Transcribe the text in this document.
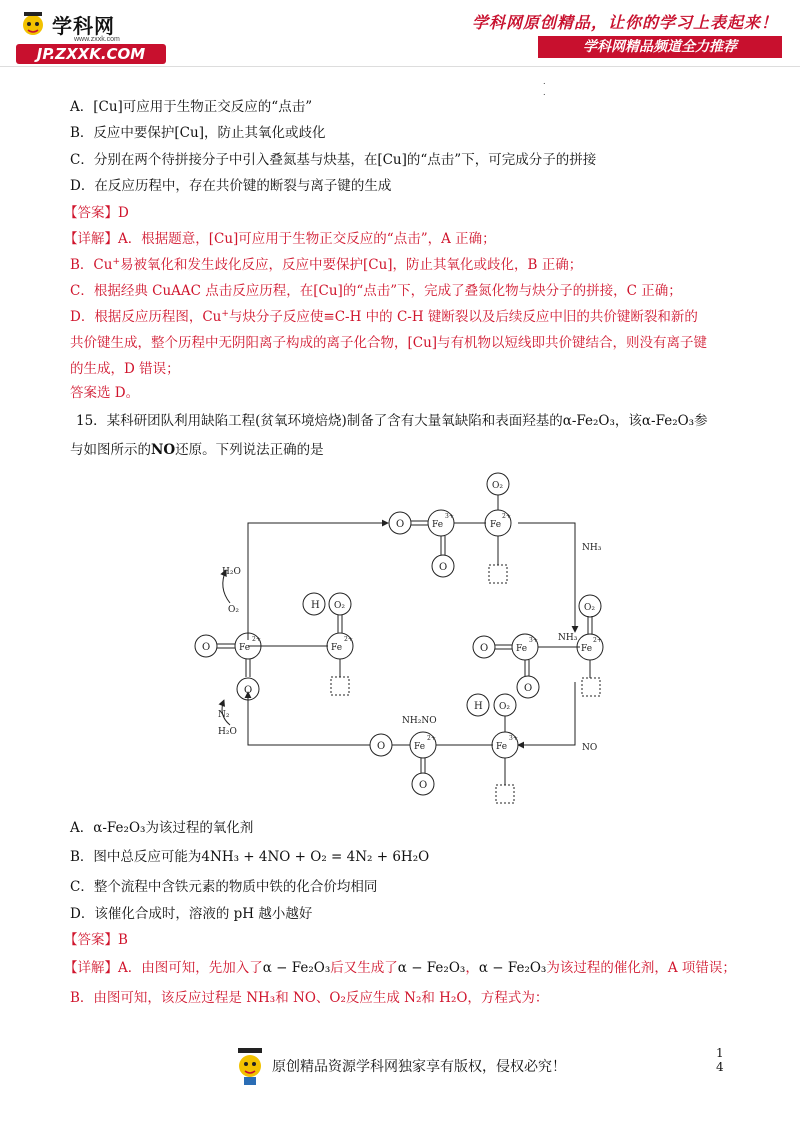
学科网
www.zxxk.com
JP.ZXXK.COM
学科网原创精品，让你的学习上表起来！
学科网精品频道全力推荐
.
.
A．[Cu]可应用于生物正交反应的“点击”
B．反应中要保护[Cu]，防止其氧化或歧化
C．分别在两个待拼接分子中引入叠氮基与炔基，在[Cu]的“点击”下，可完成分子的拼接
D．在反应历程中，存在共价键的断裂与离子键的生成
【答案】D
【详解】A．根据题意，[Cu]可应用于生物正交反应的“点击”，A 正确；
B．Cu+易被氧化和发生歧化反应，反应中要保护[Cu]，防止其氧化或歧化，B 正确；
C．根据经典 CuAAC 点击反应历程，在[Cu]的“点击”下，完成了叠氮化物与炔分子的拼接，C 正确；
D．根据反应历程图，Cu+与炔分子反应使≡C-H 中的 C-H 键断裂以及后续反应中旧的共价键断裂和新的共价键生成，整个历程中无阴阳离子构成的离子化合物，[Cu]与有机物以短线即共价键结合，则没有离子键的生成，D 错误；
答案选 D。
15．某科研团队利用缺陷工程(贫氧环境焙烧)制备了含有大量氧缺陷和表面羟基的α-Fe₂O₃，该α-Fe₂O₃参
与如图所示的NO还原。下列说法正确的是
O	Fe
3+
O
Fe
2+
O₂
NH₃
O	Fe
3+
O
Fe
2+
O₂
NH₃
NO
O	Fe
2+
O
NH₂NO
Fe
3+
O₂
H
O	Fe
2+
O
H₂O
O₂
N₂
H₂O
Fe
2+
O₂
H
A．α-Fe₂O₃为该过程的氧化剂
B．图中总反应可能为4NH₃ + 4NO + O₂ = 4N₂ + 6H₂O
C．整个流程中含铁元素的物质中铁的化合价均相同
D．该催化合成时，溶液的 pH 越小越好
【答案】B
【详解】A．由图可知，先加入了α − Fe₂O₃后又生成了α − Fe₂O₃，α − Fe₂O₃为该过程的催化剂，A 项错误；
B．由图可知，该反应过程是 NH₃和 NO、O₂反应生成 N₂和 H₂O，方程式为：
原创精品资源学科网独家享有版权，侵权必究！
1
4
